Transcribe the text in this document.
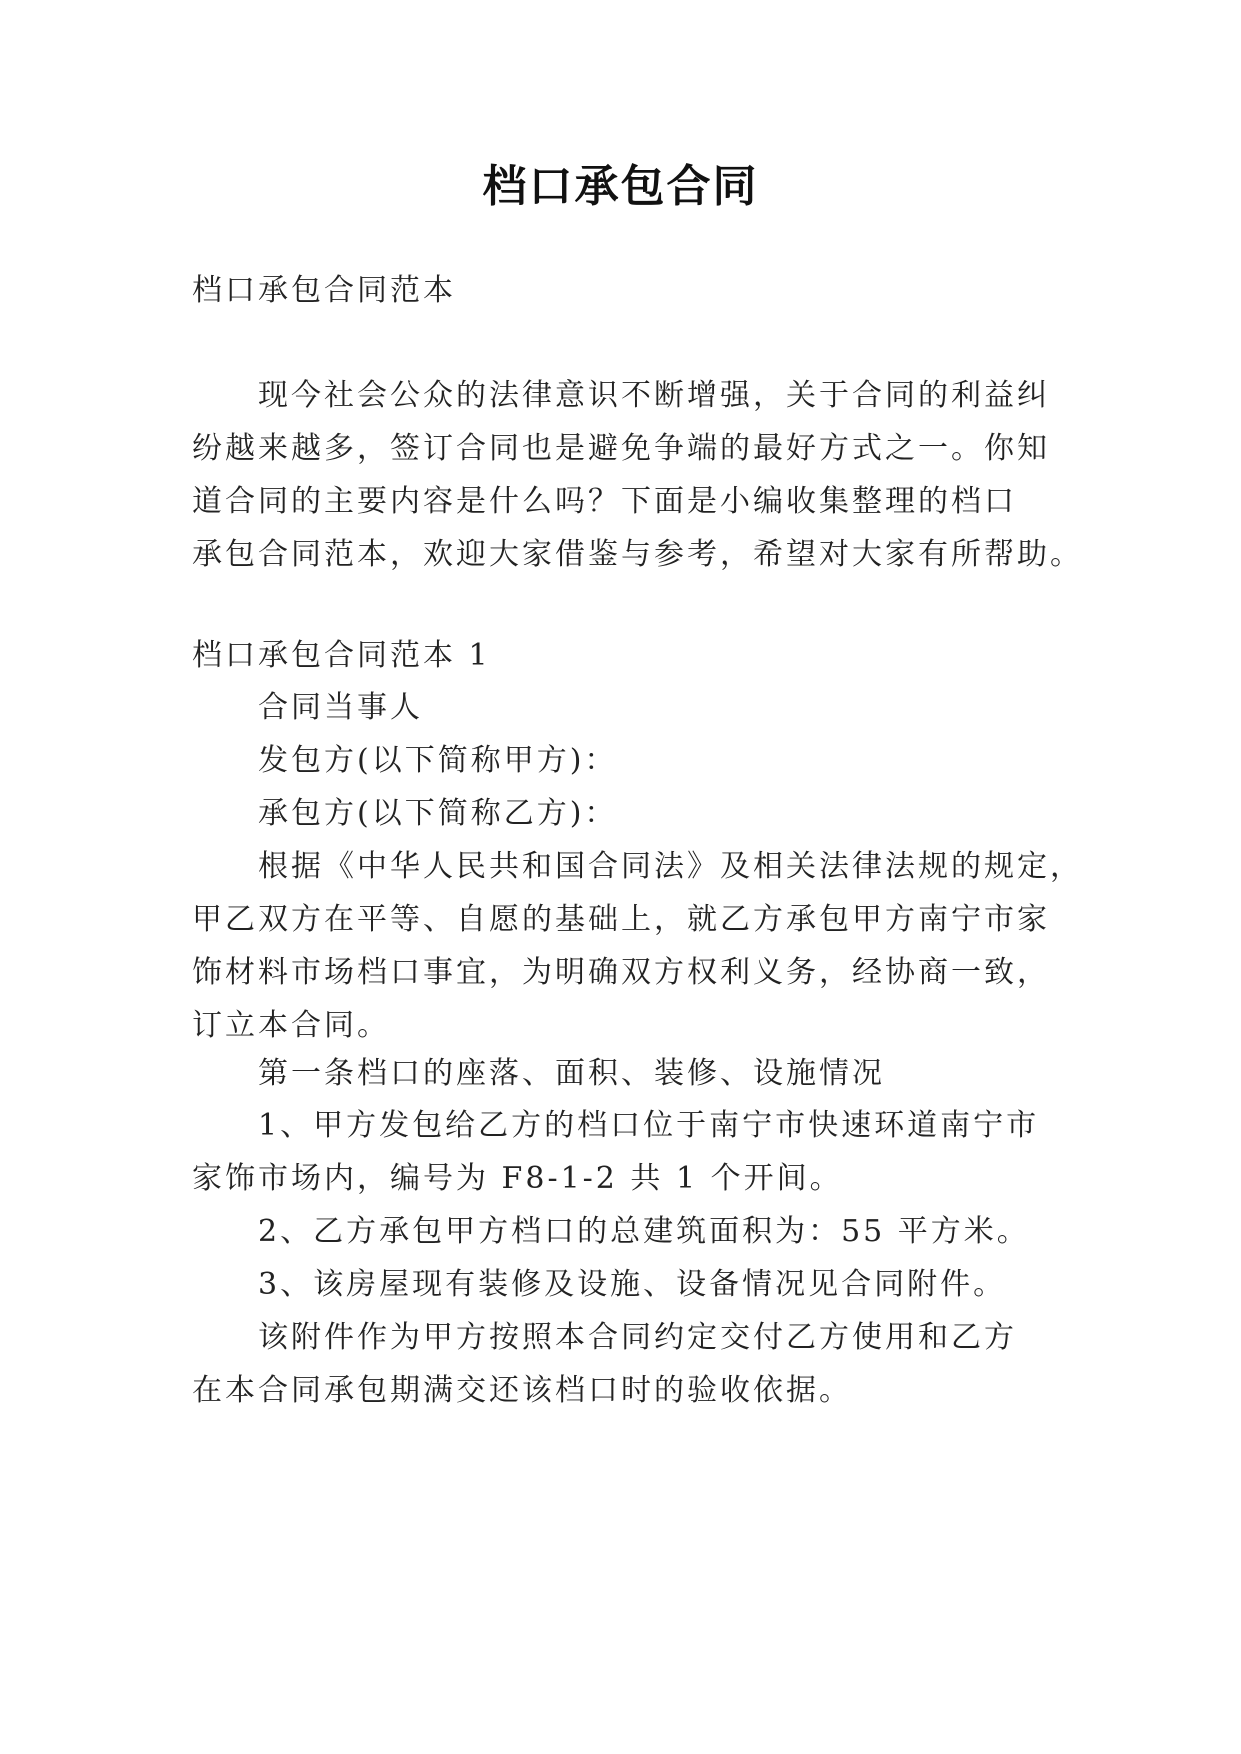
档口承包合同
档口承包合同范本
现今社会公众的法律意识不断增强，关于合同的利益纠
纷越来越多，签订合同也是避免争端的最好方式之一。你知
道合同的主要内容是什么吗？下面是小编收集整理的档口
承包合同范本，欢迎大家借鉴与参考，希望对大家有所帮助。
档口承包合同范本 1
合同当事人
发包方(以下简称甲方)：
承包方(以下简称乙方)：
根据《中华人民共和国合同法》及相关法律法规的规定，
甲乙双方在平等、自愿的基础上，就乙方承包甲方南宁市家
饰材料市场档口事宜，为明确双方权利义务，经协商一致，
订立本合同。
第一条档口的座落、面积、装修、设施情况
1、甲方发包给乙方的档口位于南宁市快速环道南宁市
家饰市场内，编号为 F8-1-2 共 1 个开间。
2、乙方承包甲方档口的总建筑面积为：55 平方米。
3、该房屋现有装修及设施、设备情况见合同附件。
该附件作为甲方按照本合同约定交付乙方使用和乙方
在本合同承包期满交还该档口时的验收依据。
